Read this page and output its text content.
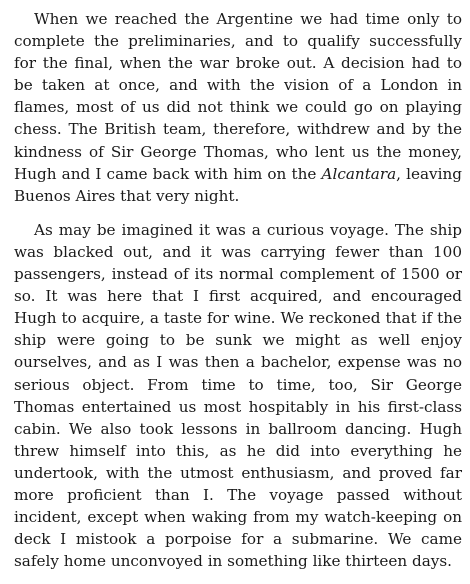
When we reached the Argentine we had time only to complete the preliminaries, and to qualify successfully for the final, when the war broke out. A decision had to be taken at once, and with the vision of a London in flames, most of us did not think we could go on playing chess. The British team, therefore, withdrew and by the kindness of Sir George Thomas, who lent us the money, Hugh and I came back with him on the Alcantara, leaving Buenos Aires that very night.

As may be imagined it was a curious voyage. The ship was blacked out, and it was carrying fewer than 100 passengers, instead of its normal complement of 1500 or so. It was here that I first acquired, and encouraged Hugh to acquire, a taste for wine. We reckoned that if the ship were going to be sunk we might as well enjoy ourselves, and as I was then a bachelor, expense was no serious object. From time to time, too, Sir George Thomas entertained us most hospitably in his first-class cabin. We also took lessons in ballroom dancing. Hugh threw himself into this, as he did into everything he undertook, with the utmost enthusiasm, and proved far more proficient than I. The voyage passed without incident, except when waking from my watch-keeping on deck I mistook a porpoise for a submarine. We came safely home unconvoyed in something like thirteen days.
